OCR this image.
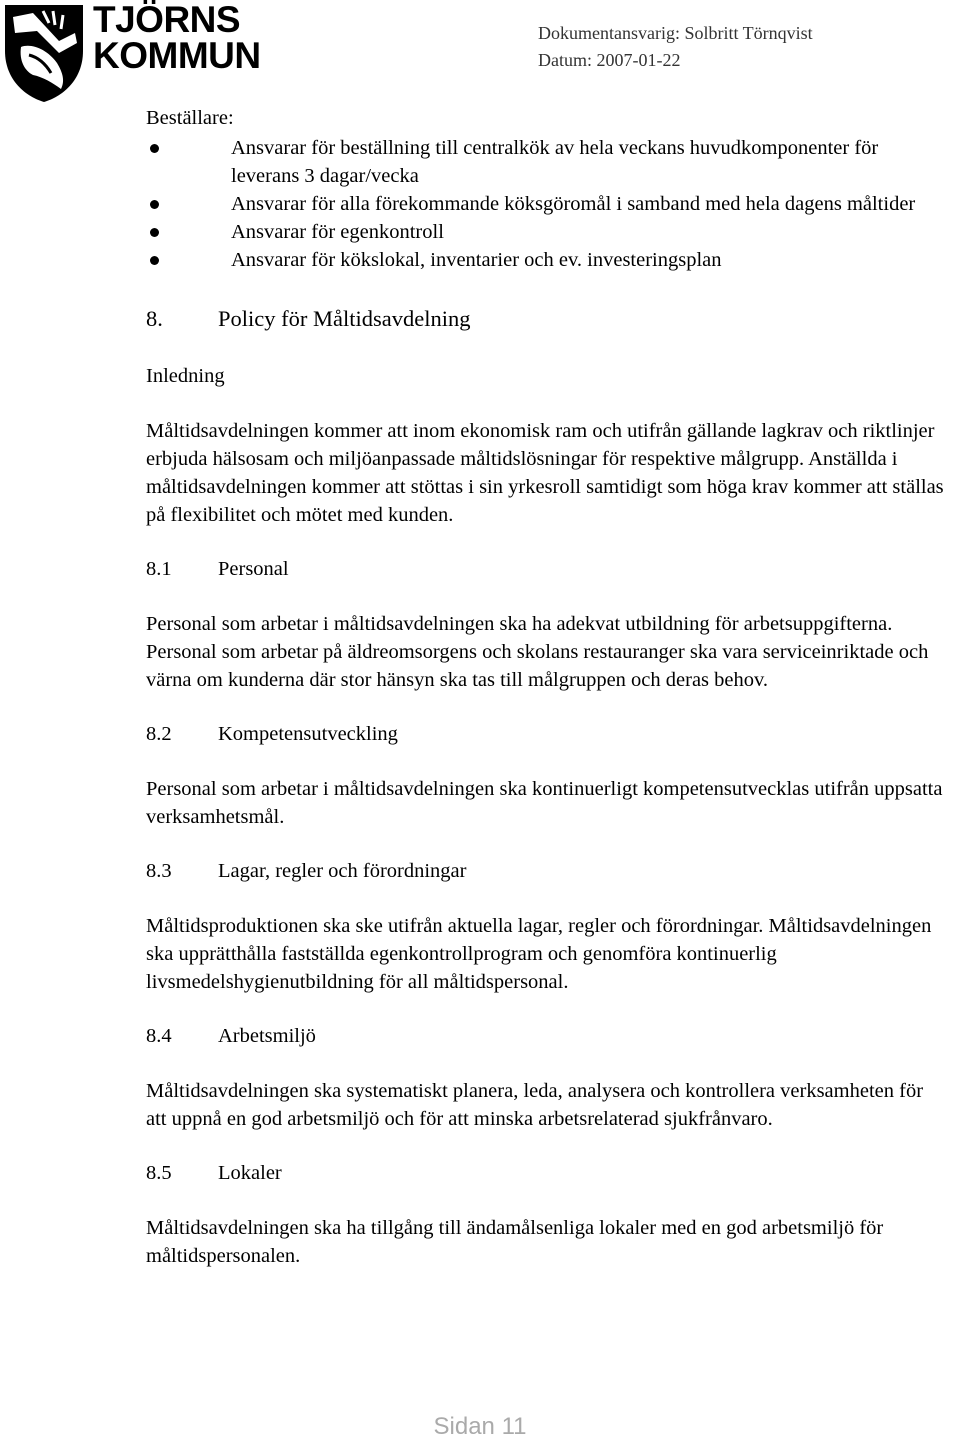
TJÖRNS
KOMMUN
Dokumentansvarig: Solbritt Törnqvist
Datum: 2007-01-22
Beställare:
Ansvarar för beställning till centralkök av hela veckans huvudkomponenter för leverans 3 dagar/vecka
Ansvarar för alla förekommande köksgöromål i samband med hela dagens måltider
Ansvarar för egenkontroll
Ansvarar för kökslokal, inventarier och ev. investeringsplan
8. Policy för Måltidsavdelning
Inledning
Måltidsavdelningen kommer att inom ekonomisk ram och utifrån gällande lagkrav och riktlinjer erbjuda hälsosam och miljöanpassade måltidslösningar för respektive målgrupp. Anställda i måltidsavdelningen kommer att stöttas i sin yrkesroll samtidigt som höga krav kommer att ställas på flexibilitet och mötet med kunden.
8.1 Personal
Personal som arbetar i måltidsavdelningen ska ha adekvat utbildning för arbetsuppgifterna. Personal som arbetar på äldreomsorgens och skolans restauranger ska vara serviceinriktade och värna om kunderna där stor hänsyn ska tas till målgruppen och deras behov.
8.2 Kompetensutveckling
Personal som arbetar i måltidsavdelningen ska kontinuerligt kompetensutvecklas utifrån uppsatta verksamhetsmål.
8.3 Lagar, regler och förordningar
Måltidsproduktionen ska ske utifrån aktuella lagar, regler och förordningar. Måltidsavdelningen ska upprätthålla fastställda egenkontrollprogram och genomföra kontinuerlig livsmedelshygienutbildning för all måltidspersonal.
8.4 Arbetsmiljö
Måltidsavdelningen ska systematiskt planera, leda, analysera och kontrollera verksamheten för att uppnå en god arbetsmiljö och för att minska arbetsrelaterad sjukfrånvaro.
8.5 Lokaler
Måltidsavdelningen ska ha tillgång till ändamålsenliga lokaler med en god arbetsmiljö för måltidspersonalen.
Sidan 11
